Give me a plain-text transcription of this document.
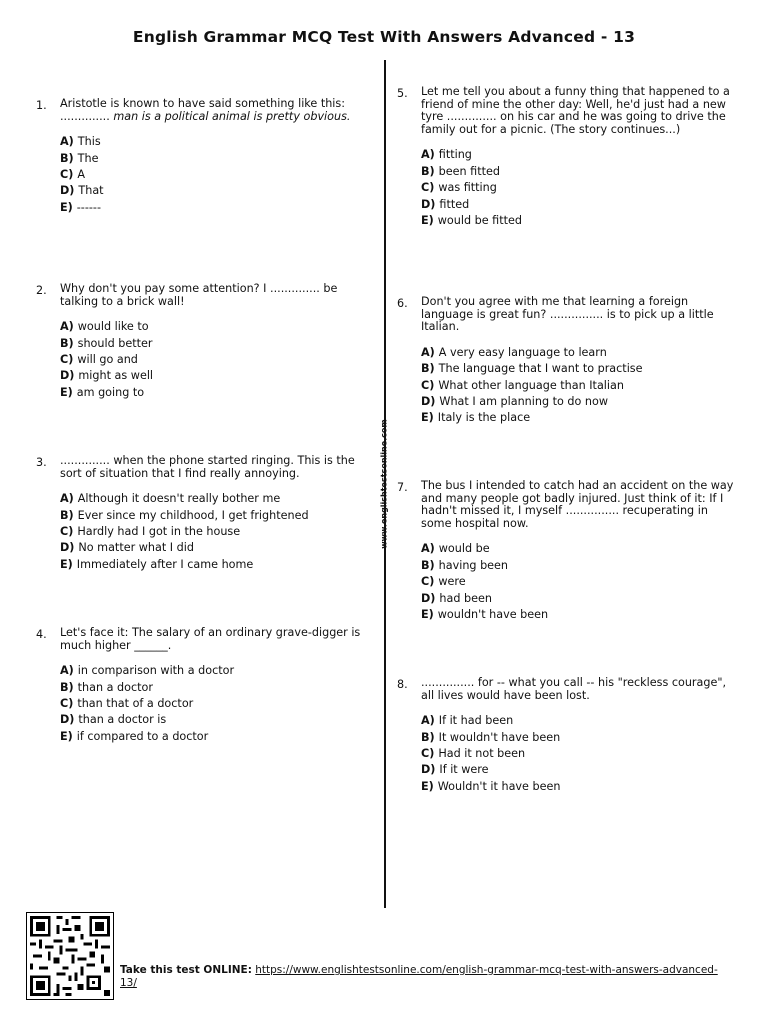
English Grammar MCQ Test With Answers Advanced - 13
www.englishtestsonline.com
1. Aristotle is known to have said something like this: .............. man is a political animal is pretty obvious.

A) This
B) The
C) A
D) That
E) ------
2. Why don't you pay some attention? I .............. be talking to a brick wall!

A) would like to
B) should better
C) will go and
D) might as well
E) am going to
3. .............. when the phone started ringing. This is the sort of situation that I find really annoying.

A) Although it doesn't really bother me
B) Ever since my childhood, I get frightened
C) Hardly had I got in the house
D) No matter what I did
E) Immediately after I came home
4. Let's face it: The salary of an ordinary grave-digger is much higher ______.

A) in comparison with a doctor
B) than a doctor
C) than that of a doctor
D) than a doctor is
E) if compared to a doctor
5. Let me tell you about a funny thing that happened to a friend of mine the other day: Well, he'd just had a new tyre .............. on his car and he was going to drive the family out for a picnic. (The story continues...)

A) fitting
B) been fitted
C) was fitting
D) fitted
E) would be fitted
6. Don't you agree with me that learning a foreign language is great fun? ............... is to pick up a little Italian.

A) A very easy language to learn
B) The language that I want to practise
C) What other language than Italian
D) What I am planning to do now
E) Italy is the place
7. The bus I intended to catch had an accident on the way and many people got badly injured. Just think of it: If I hadn't missed it, I myself ............... recuperating in some hospital now.

A) would be
B) having been
C) were
D) had been
E) wouldn't have been
8. ............... for -- what you call -- his "reckless courage", all lives would have been lost.

A) If it had been
B) It wouldn't have been
C) Had it not been
D) If it were
E) Wouldn't it have been
Take this test ONLINE: https://www.englishtestsonline.com/english-grammar-mcq-test-with-answers-advanced-13/
